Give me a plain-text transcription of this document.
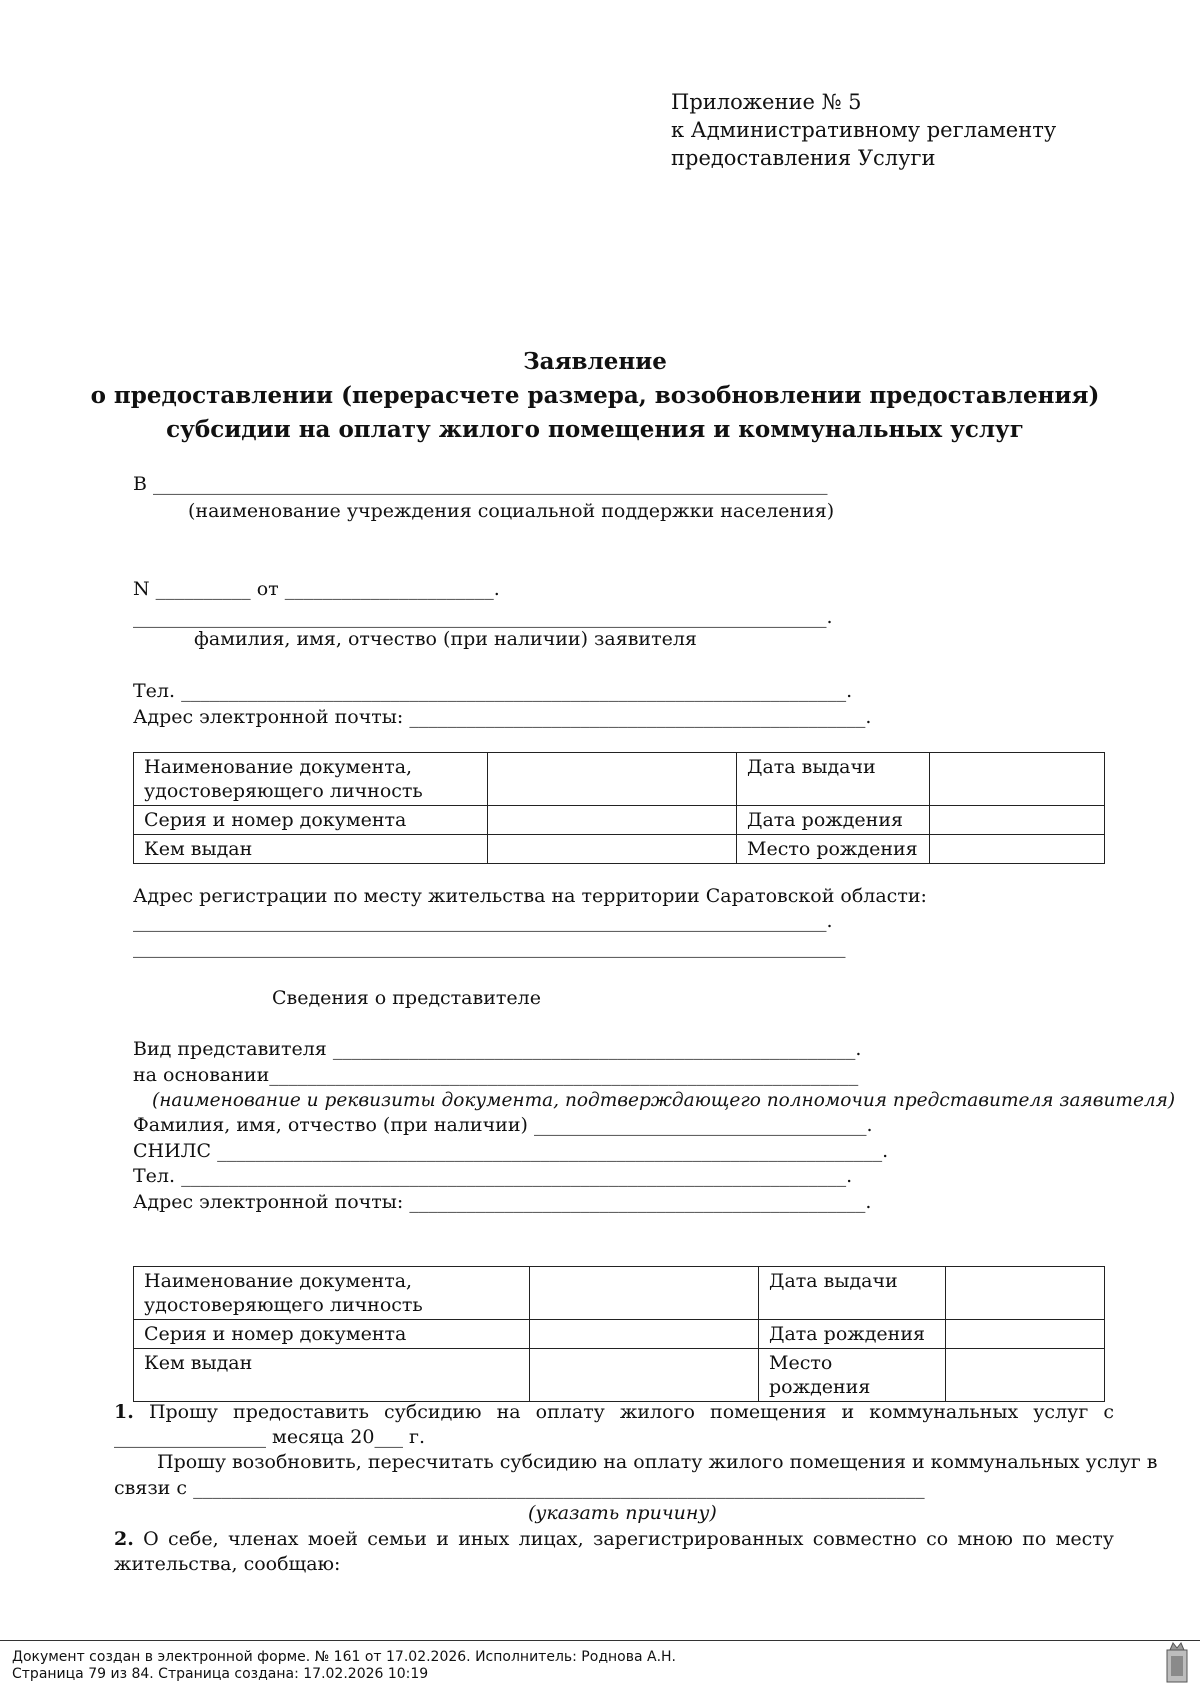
Приложение № 5
к Административному регламенту
предоставления Услуги
Заявление
о предоставлении (перерасчете размера, возобновлении предоставления)
субсидии на оплату жилого помещения и коммунальных услуг
В _______________________________________________________________________
(наименование учреждения социальной поддержки населения)
N __________ от ______________________.
_________________________________________________________________________.
фамилия, имя, отчество (при наличии) заявителя
Тел. ______________________________________________________________________.
Адрес электронной почты: ________________________________________________.
Наименование документа,
удостоверяющего личность		Дата выдачи	
Серия и номер документа		Дата рождения	
Кем выдан		Место рождения	
Адрес регистрации по месту жительства на территории Саратовской области:
_________________________________________________________________________.
___________________________________________________________________________
Сведения о представителе
Вид представителя _______________________________________________________.
на основании______________________________________________________________
(наименование и реквизиты документа, подтверждающего полномочия представителя заявителя)
Фамилия, имя, отчество (при наличии) ___________________________________.
СНИЛС ______________________________________________________________________.
Тел. ______________________________________________________________________.
Адрес электронной почты: ________________________________________________.
Наименование документа,
удостоверяющего личность		Дата выдачи	
Серия и номер документа		Дата рождения	
Кем выдан		Место рождения	
1. Прошу предоставить субсидию на оплату жилого помещения и коммунальных услуг с
________________ месяца 20___ г.
Прошу возобновить, пересчитать субсидию на оплату жилого помещения и коммунальных услуг в
связи с _____________________________________________________________________________
(указать причину)
2. О себе, членах моей семьи и иных лицах, зарегистрированных совместно со мною по месту
жительства, сообщаю:
Документ создан в электронной форме. № 161 от 17.02.2026. Исполнитель: Роднова А.Н.
Страница 79 из 84. Страница создана: 17.02.2026 10:19
